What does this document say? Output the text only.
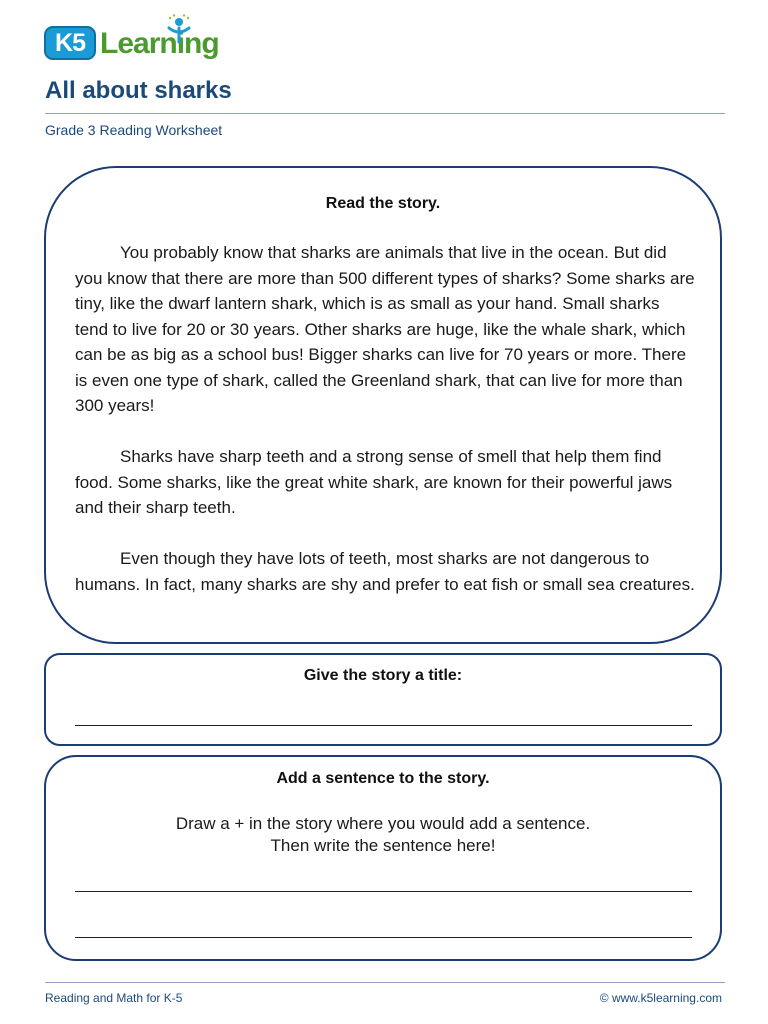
K5 Learning
All about sharks
Grade 3 Reading Worksheet
Read the story.

You probably know that sharks are animals that live in the ocean. But did you know that there are more than 500 different types of sharks? Some sharks are tiny, like the dwarf lantern shark, which is as small as your hand. Small sharks tend to live for 20 or 30 years. Other sharks are huge, like the whale shark, which can be as big as a school bus! Bigger sharks can live for 70 years or more. There is even one type of shark, called the Greenland shark, that can live for more than 300 years!

Sharks have sharp teeth and a strong sense of smell that help them find food. Some sharks, like the great white shark, are known for their powerful jaws and their sharp teeth.

Even though they have lots of teeth, most sharks are not dangerous to humans. In fact, many sharks are shy and prefer to eat fish or small sea creatures.

Give the story a title:
Add a sentence to the story.
Draw a + in the story where you would add a sentence.
Then write the sentence here!
Reading and Math for K-5	© www.k5learning.com
